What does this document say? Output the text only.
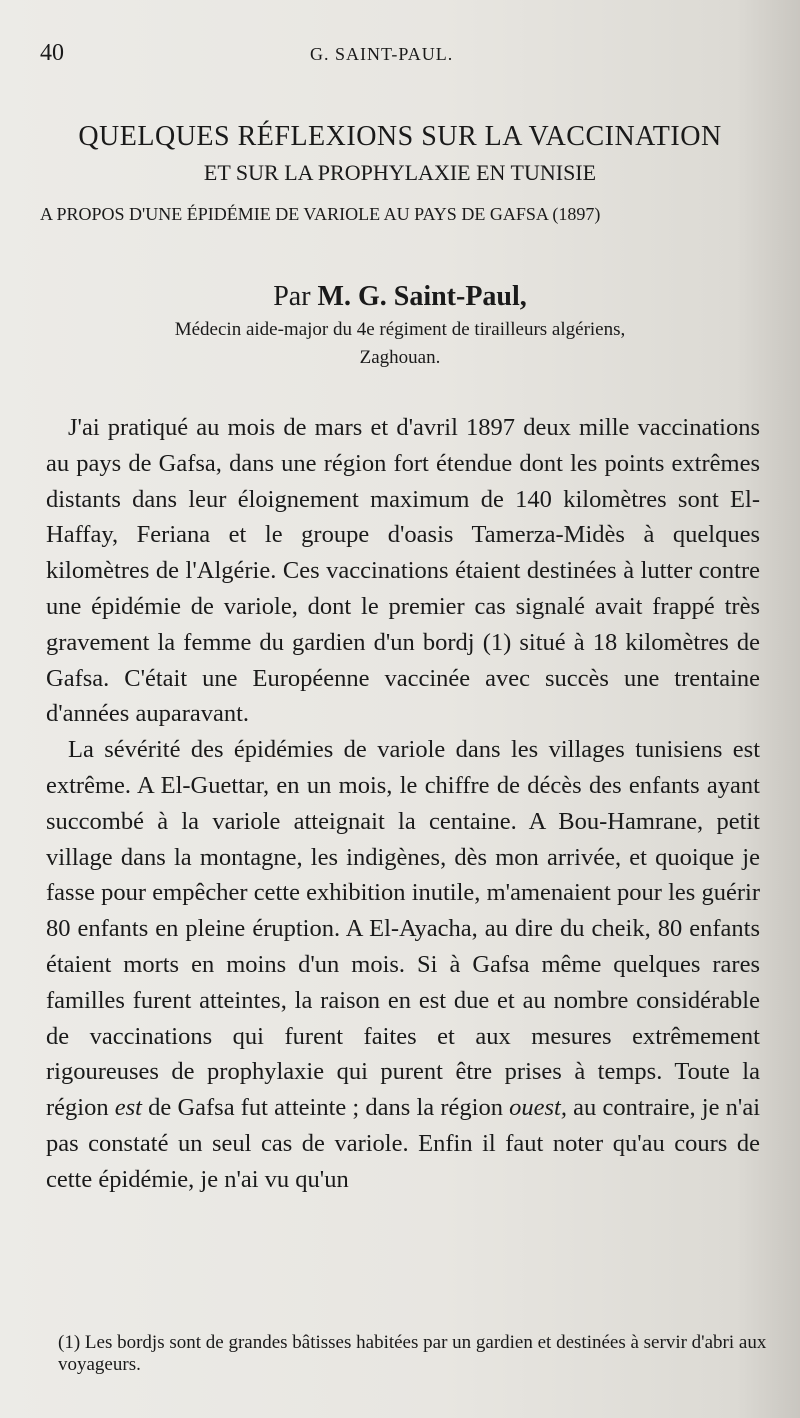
40	G. SAINT-PAUL.
QUELQUES RÉFLEXIONS SUR LA VACCINATION
ET SUR LA PROPHYLAXIE EN TUNISIE
A PROPOS D'UNE ÉPIDÉMIE DE VARIOLE AU PAYS DE GAFSA (1897)
Par M. G. Saint-Paul,
Médecin aide-major du 4e régiment de tirailleurs algériens,
Zaghouan.

J'ai pratiqué au mois de mars et d'avril 1897 deux mille vaccinations au pays de Gafsa, dans une région fort étendue dont les points extrêmes distants dans leur éloignement maximum de 140 kilomètres sont El-Haffay, Feriana et le groupe d'oasis Tamerza-Midès à quelques kilomètres de l'Algérie. Ces vaccinations étaient destinées à lutter contre une épidémie de variole, dont le premier cas signalé avait frappé très gravement la femme du gardien d'un bordj (1) situé à 18 kilomètres de Gafsa. C'était une Européenne vaccinée avec succès une trentaine d'années auparavant.

La sévérité des épidémies de variole dans les villages tunisiens est extrême. A El-Guettar, en un mois, le chiffre de décès des enfants ayant succombé à la variole atteignait la centaine. A Bou-Hamrane, petit village dans la montagne, les indigènes, dès mon arrivée, et quoique je fasse pour empêcher cette exhibition inutile, m'amenaient pour les guérir 80 enfants en pleine éruption. A El-Ayacha, au dire du cheik, 80 enfants étaient morts en moins d'un mois. Si à Gafsa même quelques rares familles furent atteintes, la raison en est due et au nombre considérable de vaccinations qui furent faites et aux mesures extrêmement rigoureuses de prophylaxie qui purent être prises à temps. Toute la région est de Gafsa fut atteinte ; dans la région ouest, au contraire, je n'ai pas constaté un seul cas de variole. Enfin il faut noter qu'au cours de cette épidémie, je n'ai vu qu'un

(1) Les bordjs sont de grandes bâtisses habitées par un gardien et destinées à servir d'abri aux voyageurs.
